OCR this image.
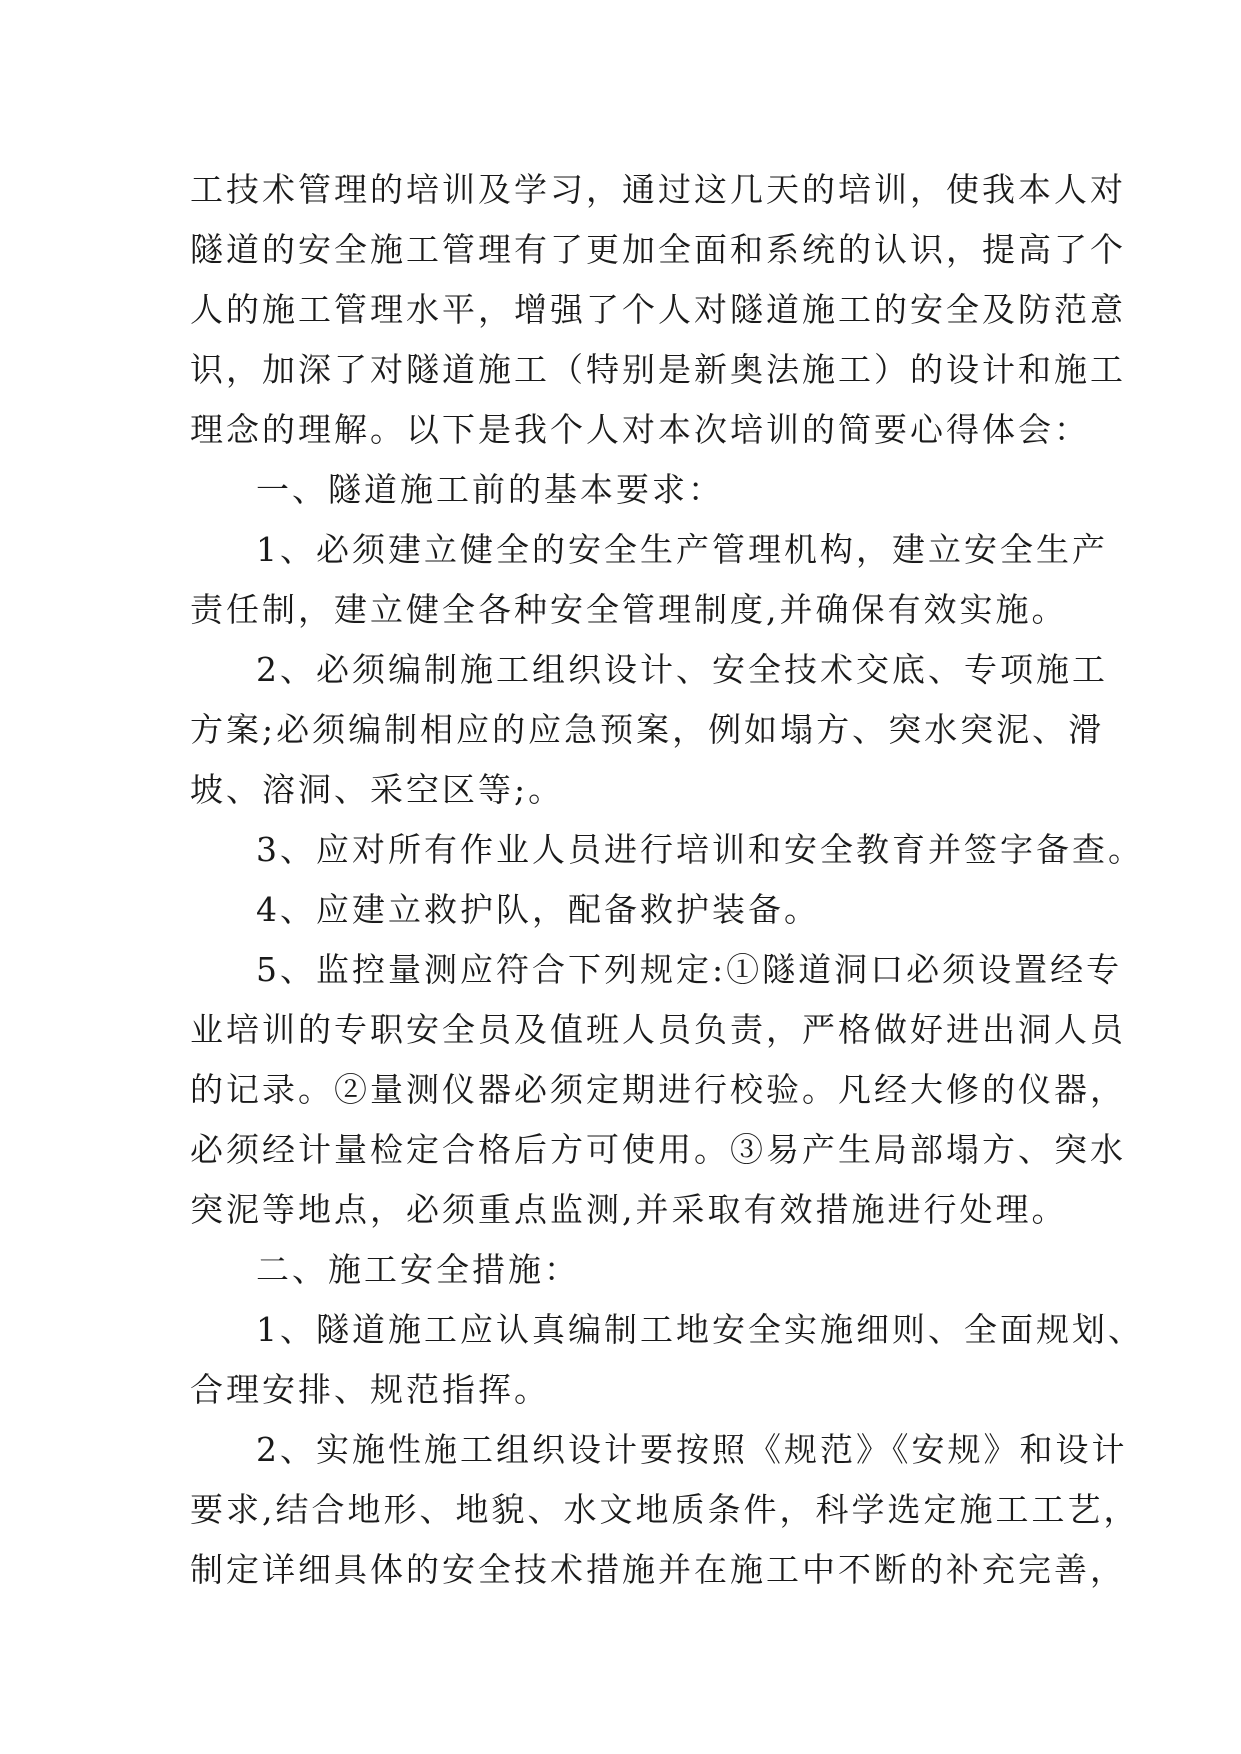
工技术管理的培训及学习，通过这几天的培训，使我本人对
隧道的安全施工管理有了更加全面和系统的认识，提高了个
人的施工管理水平，增强了个人对隧道施工的安全及防范意
识，加深了对隧道施工（特别是新奥法施工）的设计和施工
理念的理解。以下是我个人对本次培训的简要心得体会：
一、隧道施工前的基本要求：
1、必须建立健全的安全生产管理机构，建立安全生产
责任制，建立健全各种安全管理制度,并确保有效实施。
2、必须编制施工组织设计、安全技术交底、专项施工
方案;必须编制相应的应急预案，例如塌方、突水突泥、滑
坡、溶洞、采空区等;。
3、应对所有作业人员进行培训和安全教育并签字备查。
4、应建立救护队，配备救护装备。
5、监控量测应符合下列规定:①隧道洞口必须设置经专
业培训的专职安全员及值班人员负责，严格做好进出洞人员
的记录。②量测仪器必须定期进行校验。凡经大修的仪器，
必须经计量检定合格后方可使用。③易产生局部塌方、突水
突泥等地点，必须重点监测,并采取有效措施进行处理。
二、施工安全措施：
1、隧道施工应认真编制工地安全实施细则、全面规划、
合理安排、规范指挥。
2、实施性施工组织设计要按照《规范》《安规》和设计
要求,结合地形、地貌、水文地质条件，科学选定施工工艺，
制定详细具体的安全技术措施并在施工中不断的补充完善，
